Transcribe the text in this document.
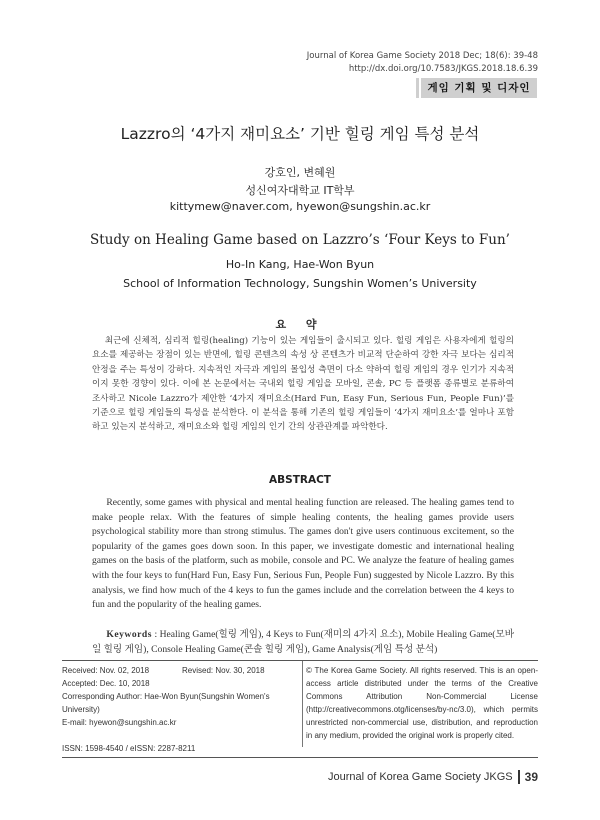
Journal of Korea Game Society 2018 Dec; 18(6): 39-48
http://dx.doi.org/10.7583/JKGS.2018.18.6.39
게임 기획 및 디자인
Lazzro의 ‘4가지 재미요소’ 기반 힐링 게임 특성 분석
강호인, 변혜원
성신여자대학교 IT학부
kittymew@naver.com, hyewon@sungshin.ac.kr
Study on Healing Game based on Lazzro’s ‘Four Keys to Fun’
Ho-In Kang, Hae-Won Byun
School of Information Technology, Sungshin Women’s University
요 약
최근에 신체적, 심리적 힐링(healing) 기능이 있는 게임들이 출시되고 있다. 힐링 게임은 사용자에게 힐링의 요소를 제공하는 장점이 있는 반면에, 힐링 콘텐츠의 속성 상 콘텐츠가 비교적 단순하여 강한 자극 보다는 심리적 안정을 주는 특성이 강하다. 지속적인 자극과 게임의 몰입성 측면이 다소 약하여 힐링 게임의 경우 인기가 지속적이지 못한 경향이 있다. 이에 본 논문에서는 국내외 힐링 게임을 모바일, 콘솔, PC 등 플랫폼 종류별로 분류하여 조사하고 Nicole Lazzro가 제안한 ‘4가지 재미요소(Hard Fun, Easy Fun, Serious Fun, People Fun)’를 기준으로 힐링 게임들의 특성을 분석한다. 이 분석을 통해 기존의 힐링 게임들이 ‘4가지 재미요소’를 얼마나 포함하고 있는지 분석하고, 재미요소와 힐링 게임의 인기 간의 상관관계를 파악한다.
ABSTRACT
Recently, some games with physical and mental healing function are released. The healing games tend to make people relax. With the features of simple healing contents, the healing games provide users psychological stability more than strong stimulus. The games don't give users continuous excitement, so the popularity of the games goes down soon. In this paper, we investigate domestic and international healing games on the basis of the platform, such as mobile, console and PC. We analyze the feature of healing games with the four keys to fun(Hard Fun, Easy Fun, Serious Fun, People Fun) suggested by Nicole Lazzro. By this analysis, we find how much of the 4 keys to fun the games include and the correlation between the 4 keys to fun and the popularity of the healing games.
Keywords : Healing Game(힐링 게임), 4 Keys to Fun(재미의 4가지 요소), Mobile Healing Game(모바일 힐링 게임), Console Healing Game(콘솔 힐링 게임), Game Analysis(게임 특성 분석)
Received: Nov. 02, 2018	Revised: Nov. 30, 2018
Accepted: Dec. 10, 2018
Corresponding Author: Hae-Won Byun(Sungshin Women's University)
E-mail: hyewon@sungshin.ac.kr
ISSN: 1598-4540 / eISSN: 2287-8211
© The Korea Game Society. All rights reserved. This is an open-access article distributed under the terms of the Creative Commons Attribution Non-Commercial License (http://creativecommons.otg/licenses/by-nc/3.0), which permits unrestricted non-commercial use, distribution, and reproduction in any medium, provided the original work is properly cited.
Journal of Korea Game Society JKGS 39
